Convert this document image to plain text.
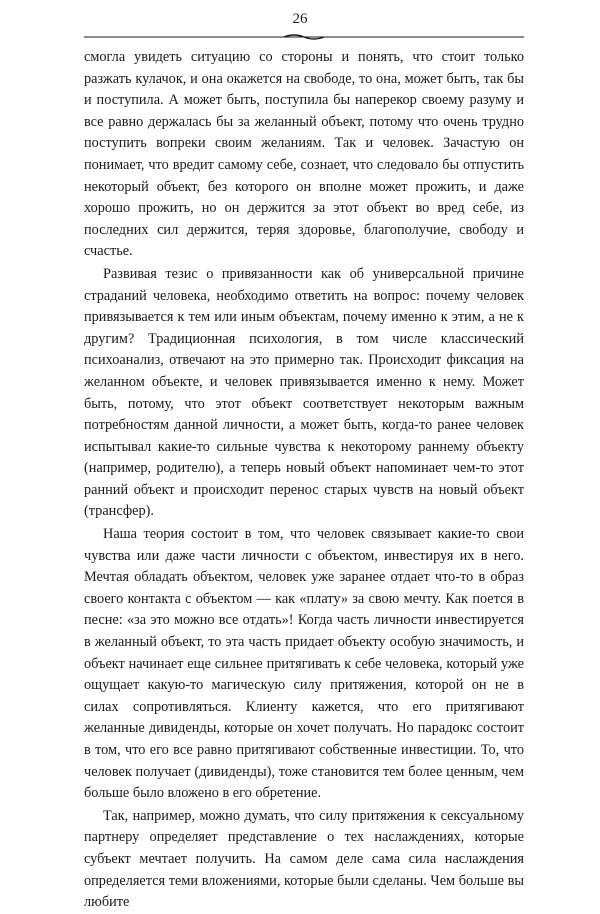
26

смогла увидеть ситуацию со стороны и понять, что стоит только разжать кулачок, и она окажется на свободе, то она, может быть, так бы и поступила. А может быть, поступила бы наперекор своему разуму и все равно держалась бы за желанный объект, потому что очень трудно поступить вопреки своим желаниям. Так и человек. Зачастую он понимает, что вредит самому себе, сознает, что следовало бы отпустить некоторый объект, без которого он вполне может прожить, и даже хорошо прожить, но он держится за этот объект во вред себе, из последних сил держится, теряя здоровье, благополучие, свободу и счастье.

Развивая тезис о привязанности как об универсальной причине страданий человека, необходимо ответить на вопрос: почему человек привязывается к тем или иным объектам, почему именно к этим, а не к другим? Традиционная психология, в том числе классический психоанализ, отвечают на это примерно так. Происходит фиксация на желанном объекте, и человек привязывается именно к нему. Может быть, потому, что этот объект соответствует некоторым важным потребностям данной личности, а может быть, когда-то ранее человек испытывал какие-то сильные чувства к некоторому раннему объекту (например, родителю), а теперь новый объект напоминает чем-то этот ранний объект и происходит перенос старых чувств на новый объект (трансфер).

Наша теория состоит в том, что человек связывает какие-то свои чувства или даже части личности с объектом, инвестируя их в него. Мечтая обладать объектом, человек уже заранее отдает что-то в образ своего контакта с объектом — как «плату» за свою мечту. Как поется в песне: «за это можно все отдать»! Когда часть личности инвестируется в желанный объект, то эта часть придает объекту особую значимость, и объект начинает еще сильнее притягивать к себе человека, который уже ощущает какую-то магическую силу притяжения, которой он не в силах сопротивляться. Клиенту кажется, что его притягивают желанные дивиденды, которые он хочет получать. Но парадокс состоит в том, что его все равно притягивают собственные инвестиции. То, что человек получает (дивиденды), тоже становится тем более ценным, чем больше было вложено в его обретение.

Так, например, можно думать, что силу притяжения к сексуальному партнеру определяет представление о тех наслаждениях, которые субъект мечтает получить. На самом деле сама сила наслаждения определяется теми вложениями, которые были сделаны. Чем больше вы любите
